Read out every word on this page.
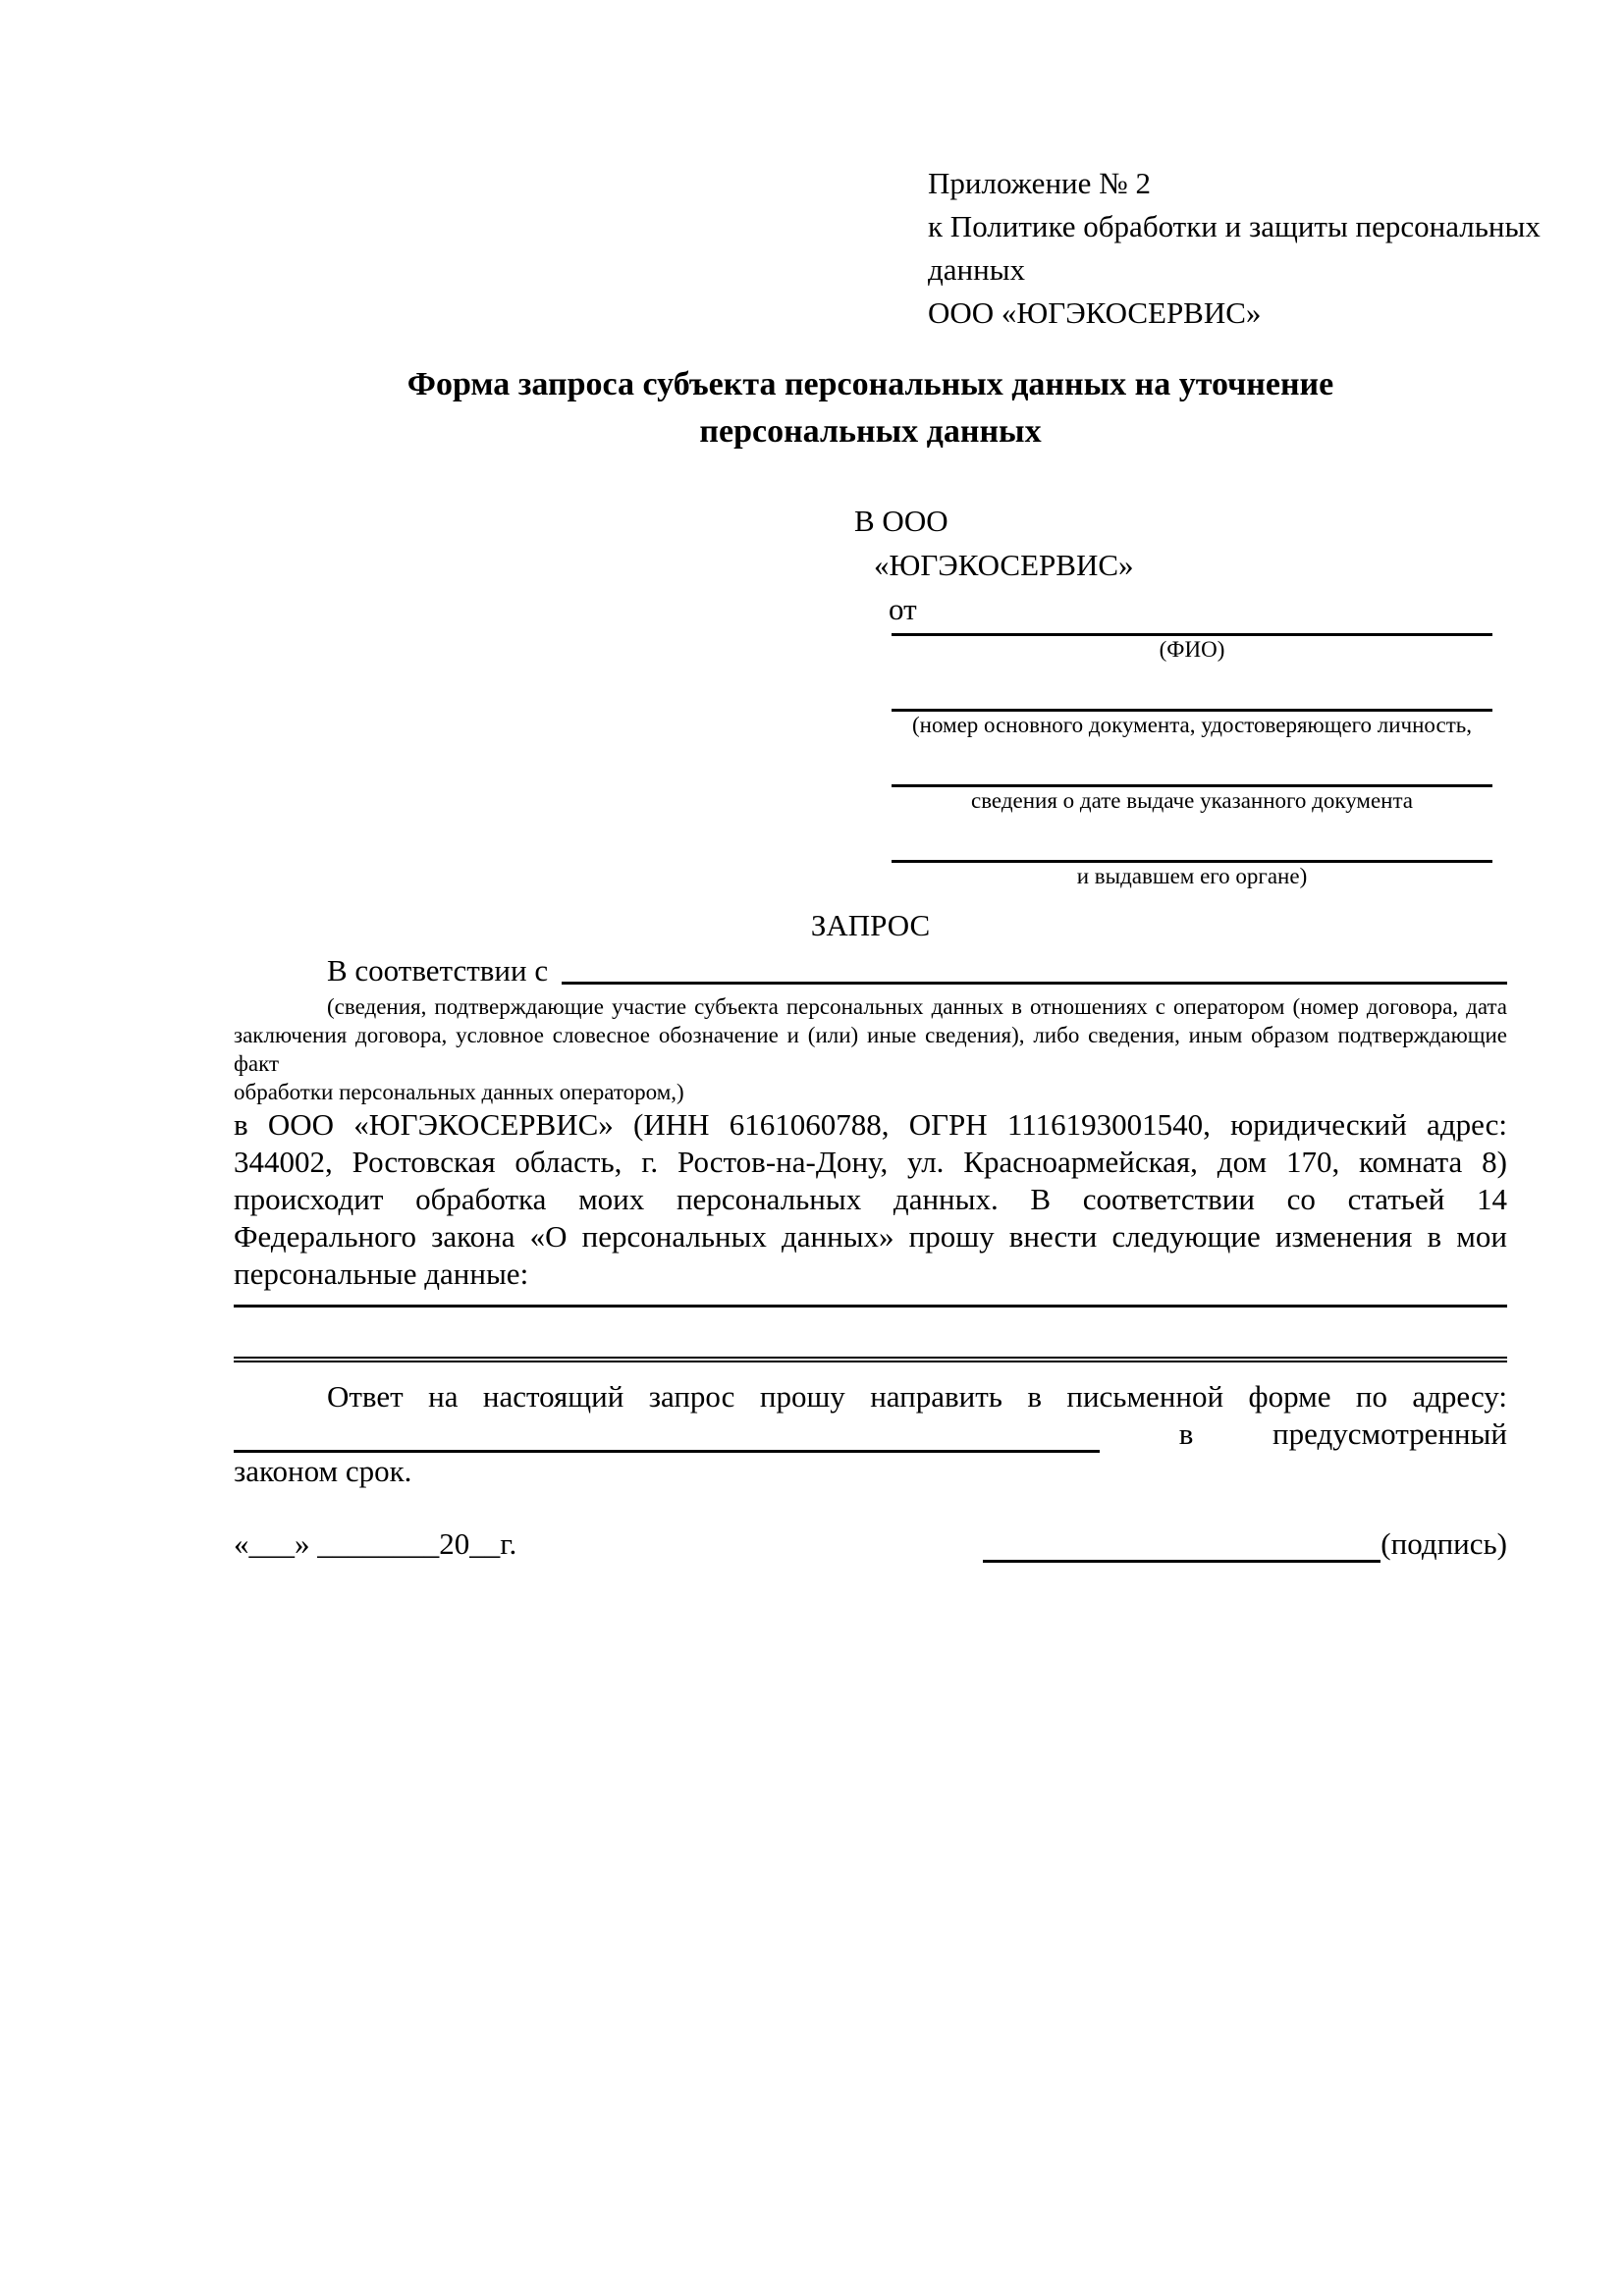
Приложение № 2
к Политике обработки и защиты персональных
данных
ООО «ЮГЭКОСЕРВИС»
Форма запроса субъекта персональных данных на уточнение персональных данных
В ООО
«ЮГЭКОСЕРВИС»
от
(ФИО)
(номер основного документа, удостоверяющего личность,
сведения о дате выдаче указанного документа
и выдавшем его органе)
ЗАПРОС
В соответствии с
(сведения, подтверждающие участие субъекта персональных данных в отношениях с оператором (номер договора, дата
заключения договора, условное словесное обозначение и (или) иные сведения), либо сведения, иным образом подтверждающие факт
обработки персональных данных оператором,)
в ООО «ЮГЭКОСЕРВИС» (ИНН 6161060788, ОГРН 1116193001540, юридический адрес:
344002, Ростовская область, г. Ростов-на-Дону, ул. Красноармейская, дом 170, комната 8)
происходит обработка моих персональных данных. В соответствии со статьей 14
Федерального закона «О персональных данных» прошу внести следующие изменения в мои
персональные данные:
Ответ на настоящий запрос прошу направить в письменной форме по адресу:
в	предусмотренный
законом срок.
«___» ________20__г.	(подпись)
